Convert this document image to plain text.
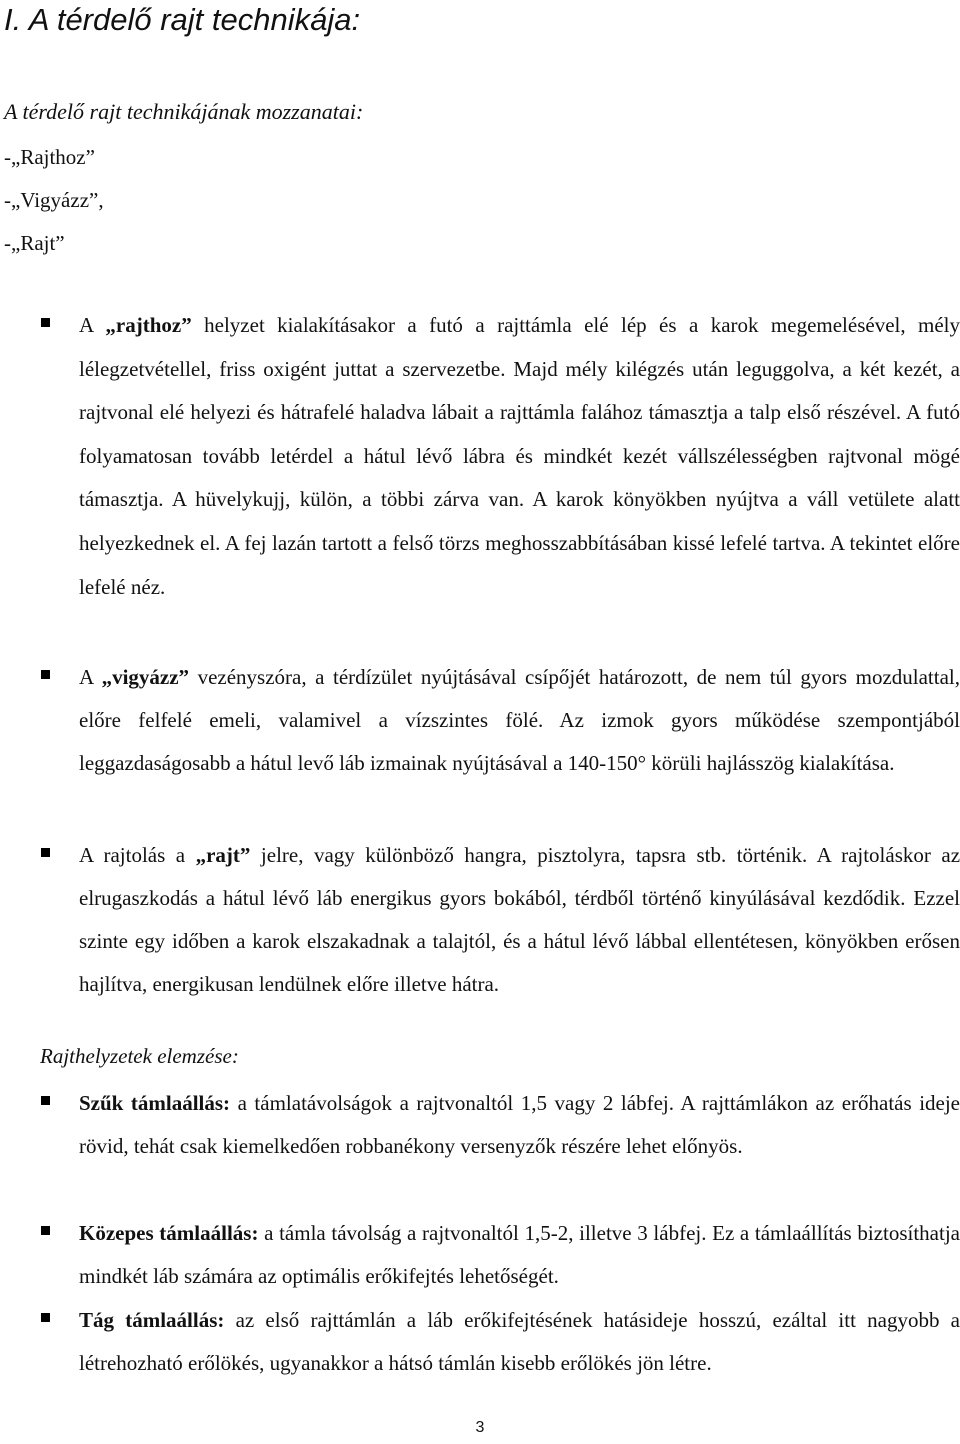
I. A térdelő rajt technikája:
A térdelő rajt technikájának mozzanatai:
-„Rajthoz”
-„Vigyázz”,
-„Rajt”
A „rajthoz” helyzet kialakításakor a futó a rajttámla elé lép és a karok megemelésével, mély lélegzetvétellel, friss oxigént juttat a szervezetbe. Majd mély kilégzés után leguggolva, a két kezét, a rajtvonal elé helyezi és hátrafelé haladva lábait a rajttámla falához támasztja a talp első részével. A futó folyamatosan tovább letérdel a hátul lévő lábra és mindkét kezét vállszélességben rajtvonal mögé támasztja. A hüvelykujj, külön, a többi zárva van. A karok könyökben nyújtva a váll vetülete alatt helyezkednek el. A fej lazán tartott a felső törzs meghosszabbításában kissé lefelé tartva. A tekintet előre lefelé néz.
A „vigyázz” vezényszóra, a térdízület nyújtásával csípőjét határozott, de nem túl gyors mozdulattal, előre felfelé emeli, valamivel a vízszintes fölé. Az izmok gyors működése szempontjából leggazdaságosabb a hátul levő láb izmainak nyújtásával a 140-150° körüli hajlásszög kialakítása.
A rajtolás a „rajt” jelre, vagy különböző hangra, pisztolyra, tapsra stb. történik. A rajtoláskor az elrugaszkodás a hátul lévő láb energikus gyors bokából, térdből történő kinyúlásával kezdődik. Ezzel szinte egy időben a karok elszakadnak a talajtól, és a hátul lévő lábbal ellentétesen, könyökben erősen hajlítva, energikusan lendülnek előre illetve hátra.
Rajthelyzetek elemzése:
Szűk támlaállás: a támlatávolságok a rajtvonaltól 1,5 vagy 2 lábfej. A rajttámlákon az erőhatás ideje rövid, tehát csak kiemelkedően robbanékony versenyzők részére lehet előnyös.
Közepes támlaállás: a támla távolság a rajtvonaltól 1,5-2, illetve 3 lábfej. Ez a támlaállítás biztosíthatja mindkét láb számára az optimális erőkifejtés lehetőségét.
Tág támlaállás: az első rajttámlán a láb erőkifejtésének hatásideje hosszú, ezáltal itt nagyobb a létrehozható erőlökés, ugyanakkor a hátsó támlán kisebb erőlökés jön létre.
3
